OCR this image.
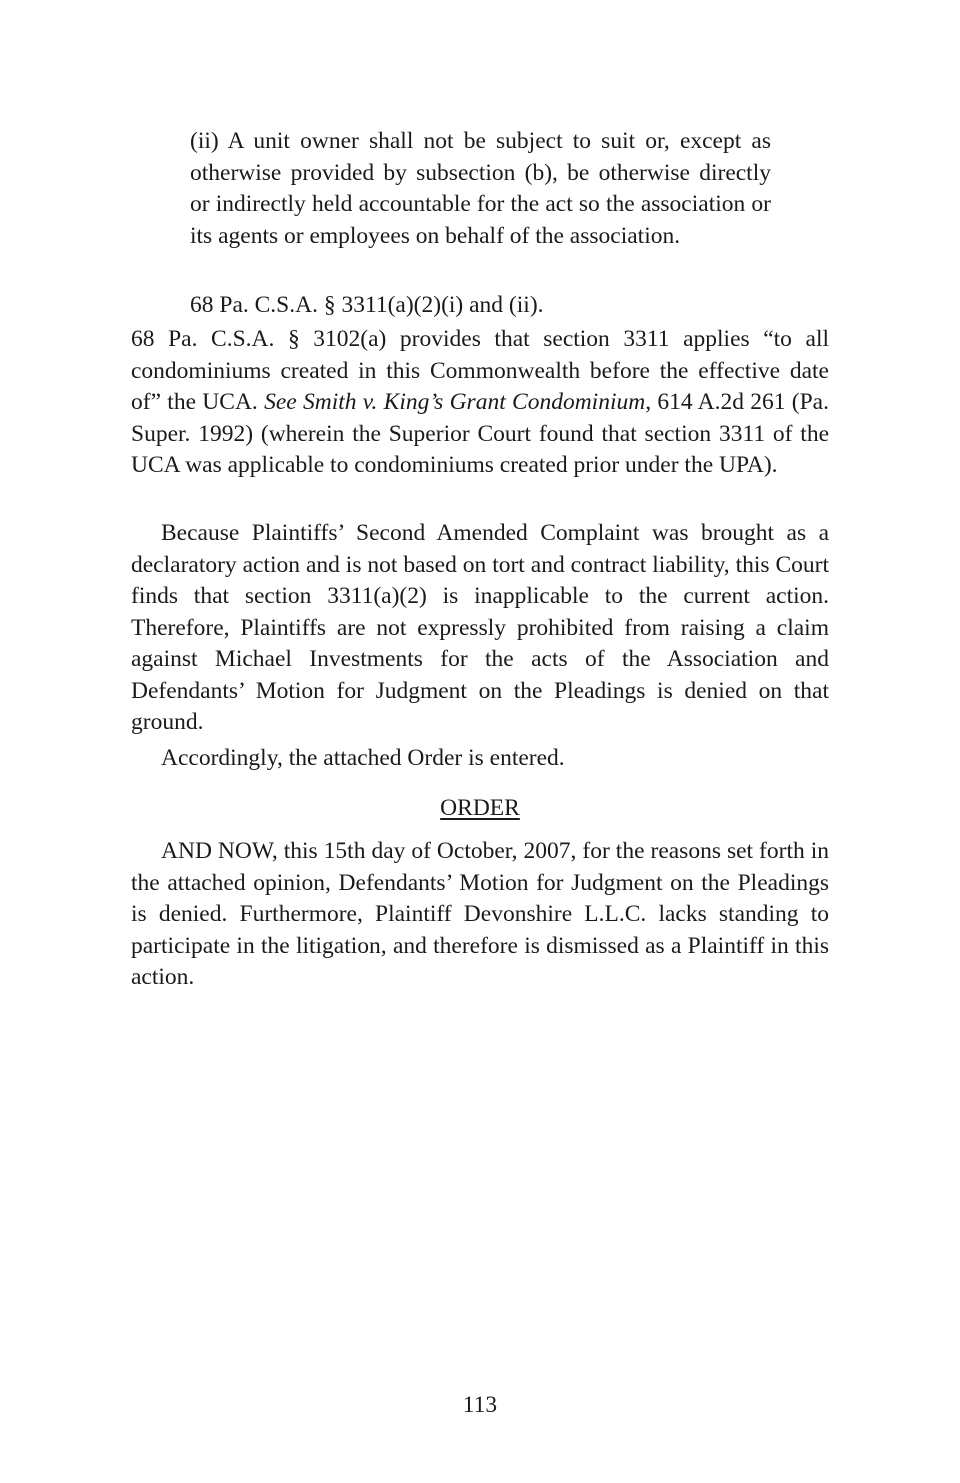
(ii) A unit owner shall not be subject to suit or, except as otherwise provided by subsection (b), be otherwise directly or indirectly held accountable for the act so the association or its agents or employees on behalf of the association.

68 Pa. C.S.A. § 3311(a)(2)(i) and (ii).

68 Pa. C.S.A. § 3102(a) provides that section 3311 applies “to all condominiums created in this Commonwealth before the effective date of” the UCA. See Smith v. King’s Grant Condominium, 614 A.2d 261 (Pa. Super. 1992) (wherein the Superior Court found that section 3311 of the UCA was applicable to condominiums created prior under the UPA).

Because Plaintiffs’ Second Amended Complaint was brought as a declaratory action and is not based on tort and contract liability, this Court finds that section 3311(a)(2) is inapplicable to the current action. Therefore, Plaintiffs are not expressly prohibited from raising a claim against Michael Investments for the acts of the Association and Defendants’ Motion for Judgment on the Pleadings is denied on that ground.

Accordingly, the attached Order is entered.

ORDER

AND NOW, this 15th day of October, 2007, for the reasons set forth in the attached opinion, Defendants’ Motion for Judgment on the Pleadings is denied. Furthermore, Plaintiff Devonshire L.L.C. lacks standing to participate in the litigation, and therefore is dismissed as a Plaintiff in this action.

113
